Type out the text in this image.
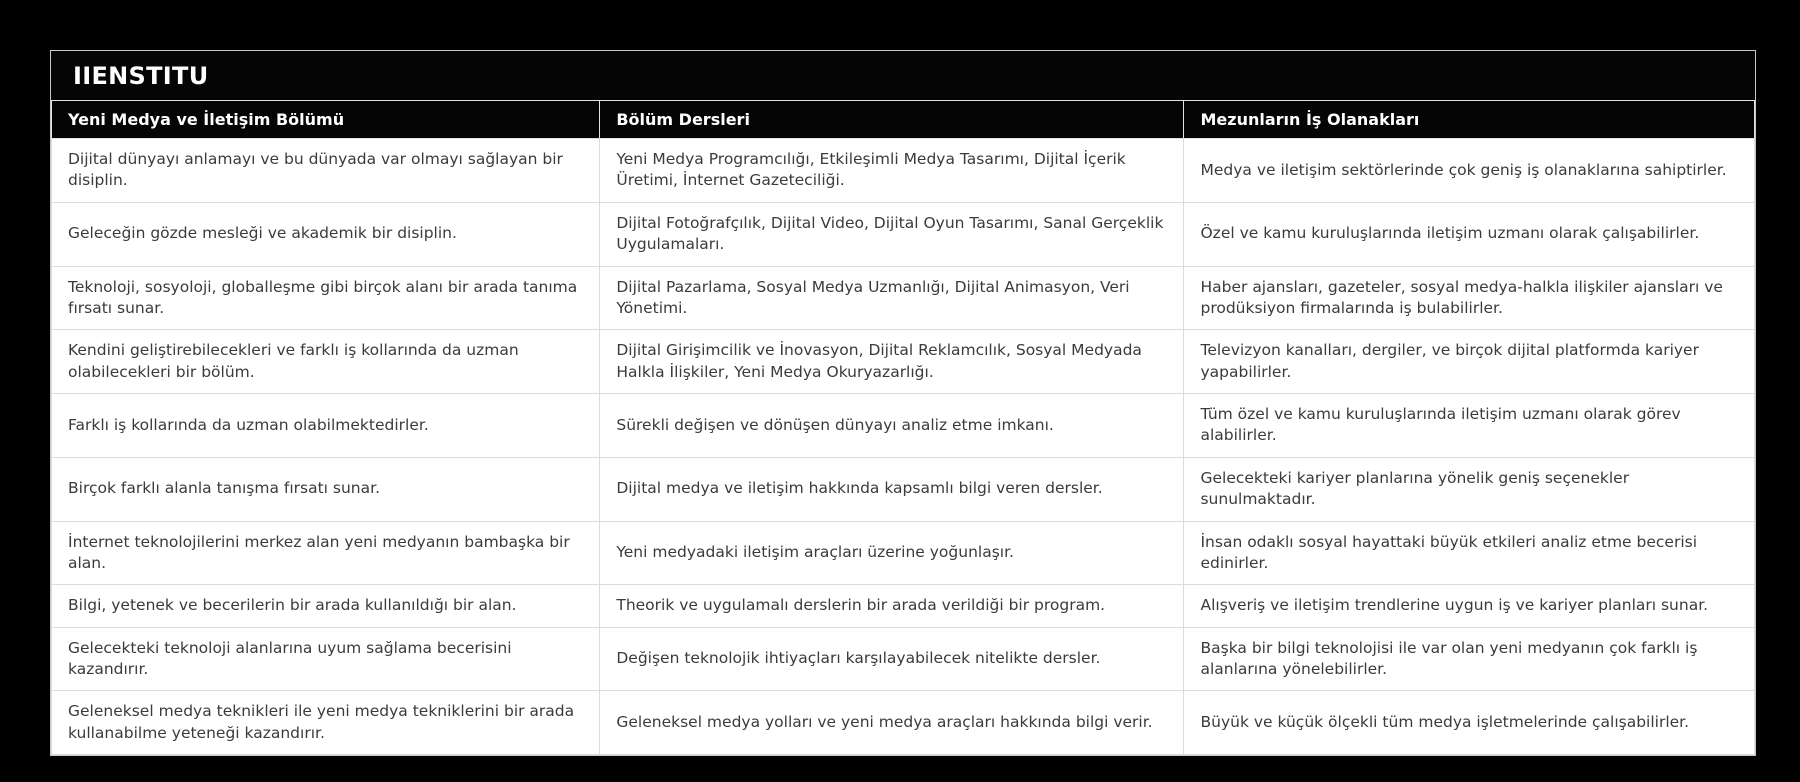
IIENSTITU
Yeni Medya ve İletişim Bölümü	Bölüm Dersleri	Mezunların İş Olanakları
Dijital dünyayı anlamayı ve bu dünyada var olmayı sağlayan bir disiplin.	Yeni Medya Programcılığı, Etkileşimli Medya Tasarımı, Dijital İçerik Üretimi, İnternet Gazeteciliği.	Medya ve iletişim sektörlerinde çok geniş iş olanaklarına sahiptirler.
Geleceğin gözde mesleği ve akademik bir disiplin.	Dijital Fotoğrafçılık, Dijital Video, Dijital Oyun Tasarımı, Sanal Gerçeklik Uygulamaları.	Özel ve kamu kuruluşlarında iletişim uzmanı olarak çalışabilirler.
Teknoloji, sosyoloji, globalleşme gibi birçok alanı bir arada tanıma fırsatı sunar.	Dijital Pazarlama, Sosyal Medya Uzmanlığı, Dijital Animasyon, Veri Yönetimi.	Haber ajansları, gazeteler, sosyal medya-halkla ilişkiler ajansları ve prodüksiyon firmalarında iş bulabilirler.
Kendini geliştirebilecekleri ve farklı iş kollarında da uzman olabilecekleri bir bölüm.	Dijital Girişimcilik ve İnovasyon, Dijital Reklamcılık, Sosyal Medyada Halkla İlişkiler, Yeni Medya Okuryazarlığı.	Televizyon kanalları, dergiler, ve birçok dijital platformda kariyer yapabilirler.
Farklı iş kollarında da uzman olabilmektedirler.	Sürekli değişen ve dönüşen dünyayı analiz etme imkanı.	Tüm özel ve kamu kuruluşlarında iletişim uzmanı olarak görev alabilirler.
Birçok farklı alanla tanışma fırsatı sunar.	Dijital medya ve iletişim hakkında kapsamlı bilgi veren dersler.	Gelecekteki kariyer planlarına yönelik geniş seçenekler sunulmaktadır.
İnternet teknolojilerini merkez alan yeni medyanın bambaşka bir alan.	Yeni medyadaki iletişim araçları üzerine yoğunlaşır.	İnsan odaklı sosyal hayattaki büyük etkileri analiz etme becerisi edinirler.
Bilgi, yetenek ve becerilerin bir arada kullanıldığı bir alan.	Theorik ve uygulamalı derslerin bir arada verildiği bir program.	Alışveriş ve iletişim trendlerine uygun iş ve kariyer planları sunar.
Gelecekteki teknoloji alanlarına uyum sağlama becerisini kazandırır.	Değişen teknolojik ihtiyaçları karşılayabilecek nitelikte dersler.	Başka bir bilgi teknolojisi ile var olan yeni medyanın çok farklı iş alanlarına yönelebilirler.
Geleneksel medya teknikleri ile yeni medya tekniklerini bir arada kullanabilme yeteneği kazandırır.	Geleneksel medya yolları ve yeni medya araçları hakkında bilgi verir.	Büyük ve küçük ölçekli tüm medya işletmelerinde çalışabilirler.
